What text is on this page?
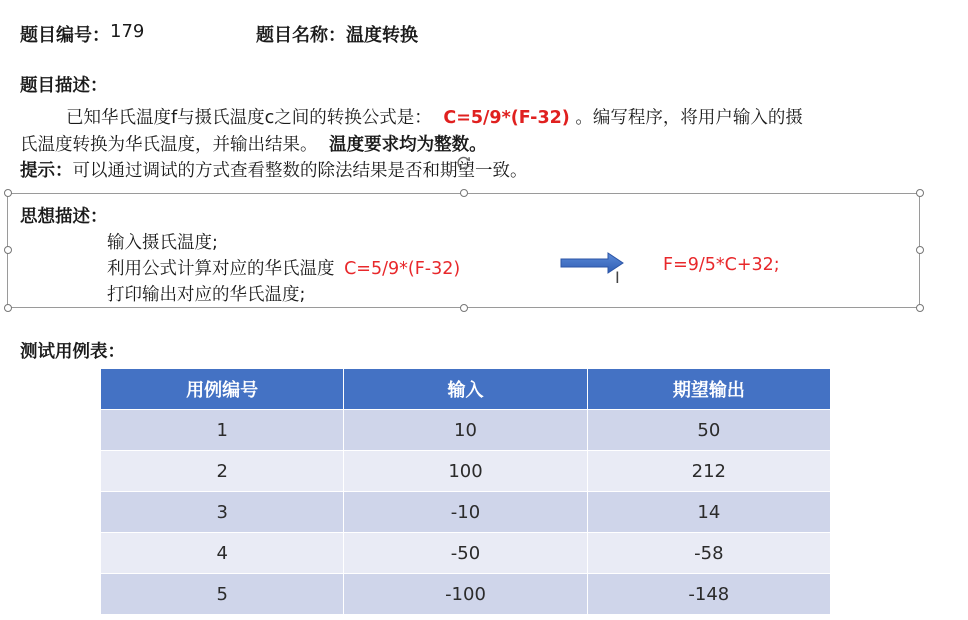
题目编号： 179	题目名称： 温度转换
题目描述：
已知华氏温度f与摄氏温度c之间的转换公式是： C=5/9*(F-32) 。编写程序，将用户输入的摄
氏温度转换为华氏温度，并输出结果。 温度要求均为整数。
提示：可以通过调试的方式查看整数的除法结果是否和期望一致。
思想描述：
输入摄氏温度;
利用公式计算对应的华氏温度 C=5/9*(F-32)	I
F=9/5*C+32;
打印输出对应的华氏温度;
测试用例表：
用例编号	输入	期望输出
1	10	50
2	100	212
3	-10	14
4	-50	-58
5	-100	-148
